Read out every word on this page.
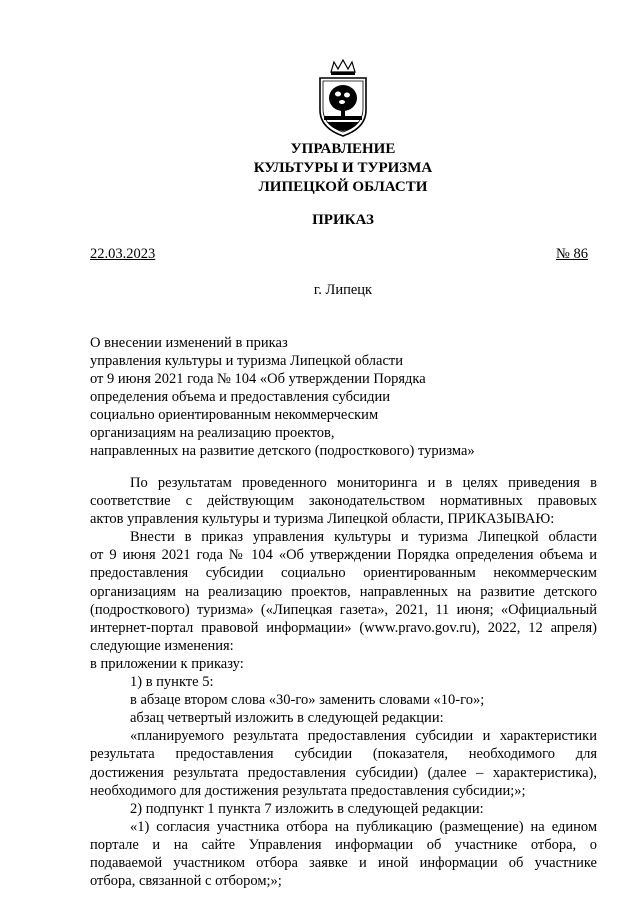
УПРАВЛЕНИЕ
КУЛЬТУРЫ И ТУРИЗМА
ЛИПЕЦКОЙ ОБЛАСТИ
ПРИКАЗ
22.03.2023	№ 86
г. Липецк
О внесении изменений в приказ
управления культуры и туризма Липецкой области
от 9 июня 2021 года № 104 «Об утверждении Порядка
определения объема и предоставления субсидии
социально ориентированным некоммерческим
организациям на реализацию проектов,
направленных на развитие детского (подросткового) туризма»
По результатам проведенного мониторинга и в целях приведения в
соответствие с действующим законодательством нормативных правовых
актов управления культуры и туризма Липецкой области, ПРИКАЗЫВАЮ:
Внести в приказ управления культуры и туризма Липецкой области
от 9 июня 2021 года № 104 «Об утверждении Порядка определения объема и
предоставления субсидии социально ориентированным некоммерческим
организациям на реализацию проектов, направленных на развитие детского
(подросткового) туризма» («Липецкая газета», 2021, 11 июня; «Официальный
интернет-портал правовой информации» (www.pravo.gov.ru), 2022, 12 апреля)
следующие изменения:
в приложении к приказу:
1) в пункте 5:
в абзаце втором слова «30-го» заменить словами «10-го»;
абзац четвертый изложить в следующей редакции:
«планируемого результата предоставления субсидии и характеристики
результата предоставления субсидии (показателя, необходимого для
достижения результата предоставления субсидии) (далее – характеристика),
необходимого для достижения результата предоставления субсидии;»;
2) подпункт 1 пункта 7 изложить в следующей редакции:
«1) согласия участника отбора на публикацию (размещение) на едином
портале и на сайте Управления информации об участнике отбора, о
подаваемой участником отбора заявке и иной информации об участнике
отбора, связанной с отбором;»;
